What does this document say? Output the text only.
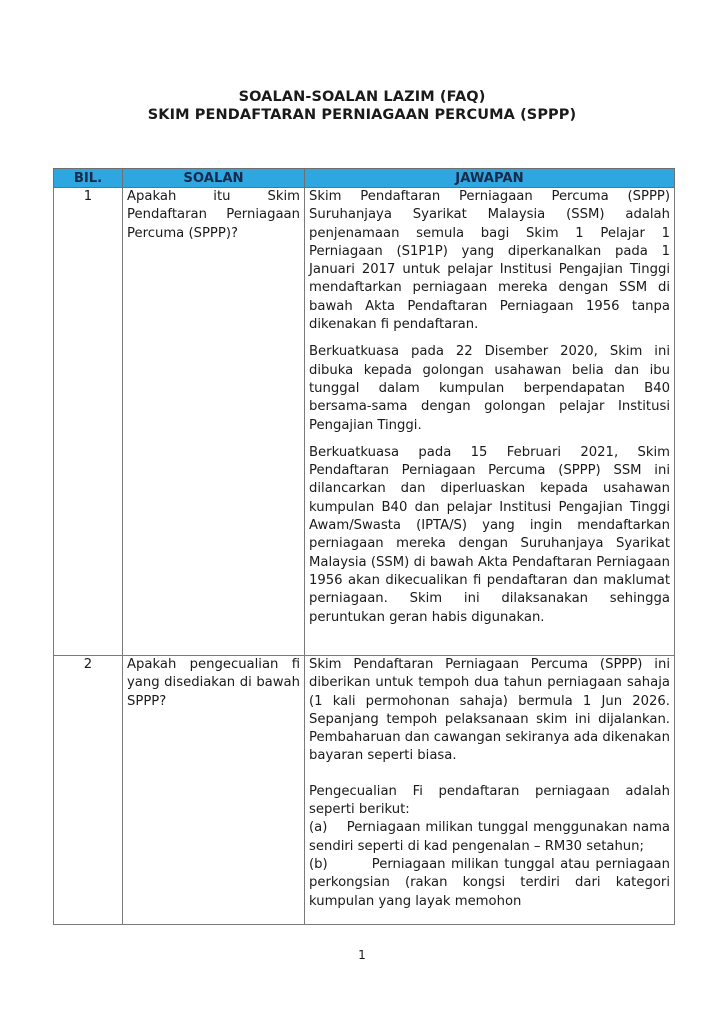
SOALAN-SOALAN LAZIM (FAQ)
SKIM PENDAFTARAN PERNIAGAAN PERCUMA (SPPP)
BIL.	SOALAN	JAWAPAN
1	Apakah itu Skim Pendaftaran Perniagaan Percuma (SPPP)?	Skim Pendaftaran Perniagaan Percuma (SPPP) Suruhanjaya Syarikat Malaysia (SSM) adalah penjenamaan semula bagi Skim 1 Pelajar 1 Perniagaan (S1P1P) yang diperkanalkan pada 1 Januari 2017 untuk pelajar Institusi Pengajian Tinggi mendaftarkan perniagaan mereka dengan SSM di bawah Akta Pendaftaran Perniagaan 1956 tanpa dikenakan fi pendaftaran.

Berkuatkuasa pada 22 Disember 2020, Skim ini dibuka kepada golongan usahawan belia dan ibu tunggal dalam kumpulan berpendapatan B40 bersama-sama dengan golongan pelajar Institusi Pengajian Tinggi.

Berkuatkuasa pada 15 Februari 2021, Skim Pendaftaran Perniagaan Percuma (SPPP) SSM ini dilancarkan dan diperluaskan kepada usahawan kumpulan B40 dan pelajar Institusi Pengajian Tinggi Awam/Swasta (IPTA/S) yang ingin mendaftarkan perniagaan mereka dengan Suruhanjaya Syarikat Malaysia (SSM) di bawah Akta Pendaftaran Perniagaan 1956 akan dikecualikan fi pendaftaran dan maklumat perniagaan. Skim ini dilaksanakan sehingga peruntukan geran habis digunakan.

2	Apakah pengecualian fi yang disediakan di bawah SPPP?	Skim Pendaftaran Perniagaan Percuma (SPPP) ini diberikan untuk tempoh dua tahun perniagaan sahaja (1 kali permohonan sahaja) bermula 1 Jun 2026. Sepanjang tempoh pelaksanaan skim ini dijalankan. Pembaharuan dan cawangan sekiranya ada dikenakan bayaran seperti biasa.

Pengecualian Fi pendaftaran perniagaan adalah seperti berikut:

(a) Perniagaan milikan tunggal menggunakan nama sendiri seperti di kad pengenalan – RM30 setahun;

(b) Perniagaan milikan tunggal atau perniagaan perkongsian (rakan kongsi terdiri dari kategori kumpulan yang layak memohon

1
